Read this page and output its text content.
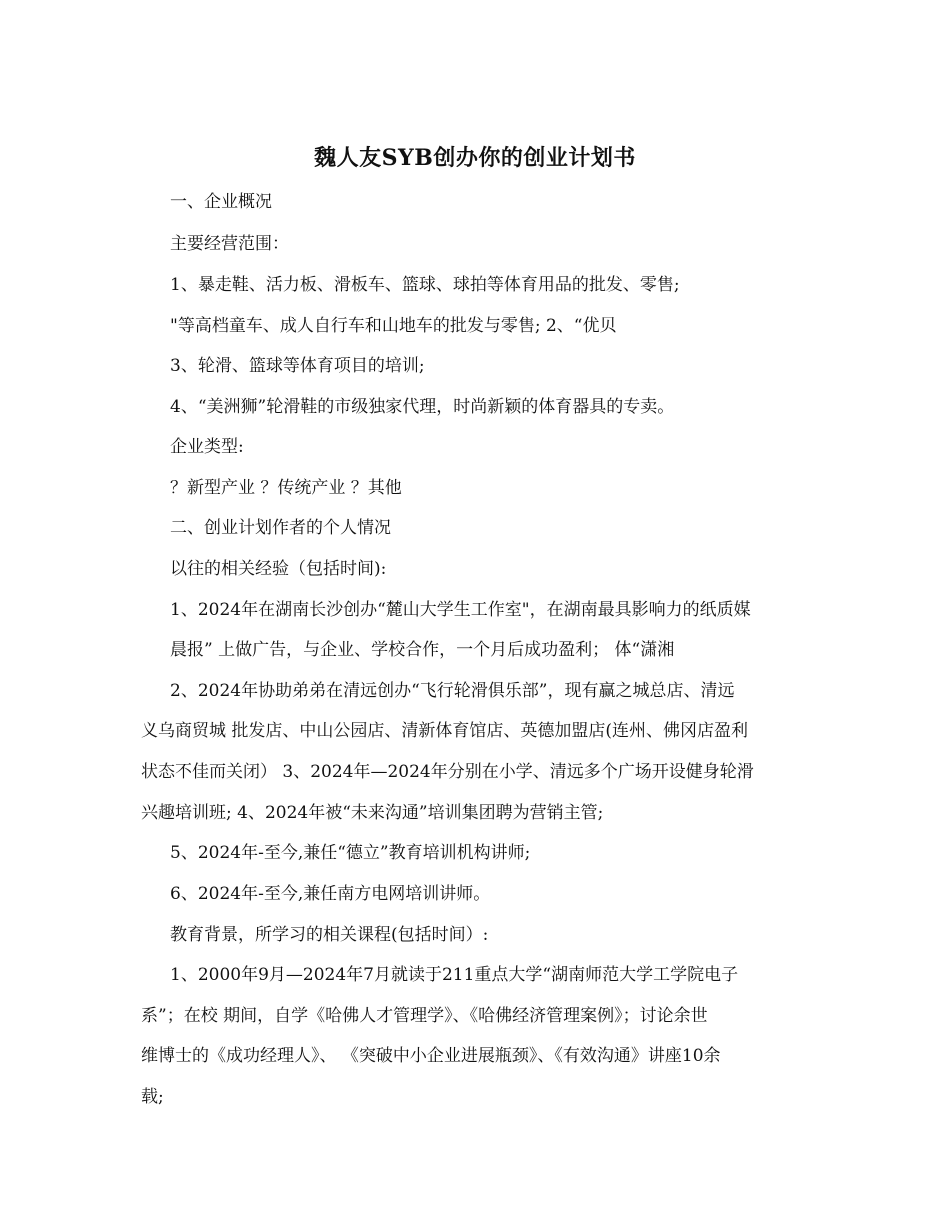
魏人友SYB创办你的创业计划书
一、企业概况
主要经营范围：
1、暴走鞋、活力板、滑板车、篮球、球拍等体育用品的批发、零售;
"等高档童车、成人自行车和山地车的批发与零售; 2、“优贝
3、轮滑、篮球等体育项目的培训;
4、“美洲狮”轮滑鞋的市级独家代理，时尚新颖的体育器具的专卖。
企业类型:
？新型产业 ？传统产业 ？其他
二、创业计划作者的个人情况
以往的相关经验（包括时间):
1、2024年在湖南长沙创办“麓山大学生工作室"，在湖南最具影响力的纸质媒
晨报” 上做广告，与企业、学校合作，一个月后成功盈利； 体“潇湘
2、2024年协助弟弟在清远创办“飞行轮滑俱乐部”，现有赢之城总店、清远
义乌商贸城 批发店、中山公园店、清新体育馆店、英德加盟店(连州、佛冈店盈利
状态不佳而关闭） 3、2024年—2024年分别在小学、清远多个广场开设健身轮滑
兴趣培训班; 4、2024年被“未来沟通”培训集团聘为营销主管;
5、2024年-至今,兼任“德立”教育培训机构讲师;
6、2024年-至今,兼任南方电网培训讲师。
教育背景，所学习的相关课程(包括时间）:
1、2000年9月—2024年7月就读于211重点大学“湖南师范大学工学院电子
系”；在校 期间，自学《哈佛人才管理学》、《哈佛经济管理案例》；讨论余世
维博士的《成功经理人》、 《突破中小企业进展瓶颈》、《有效沟通》讲座10余
载;
